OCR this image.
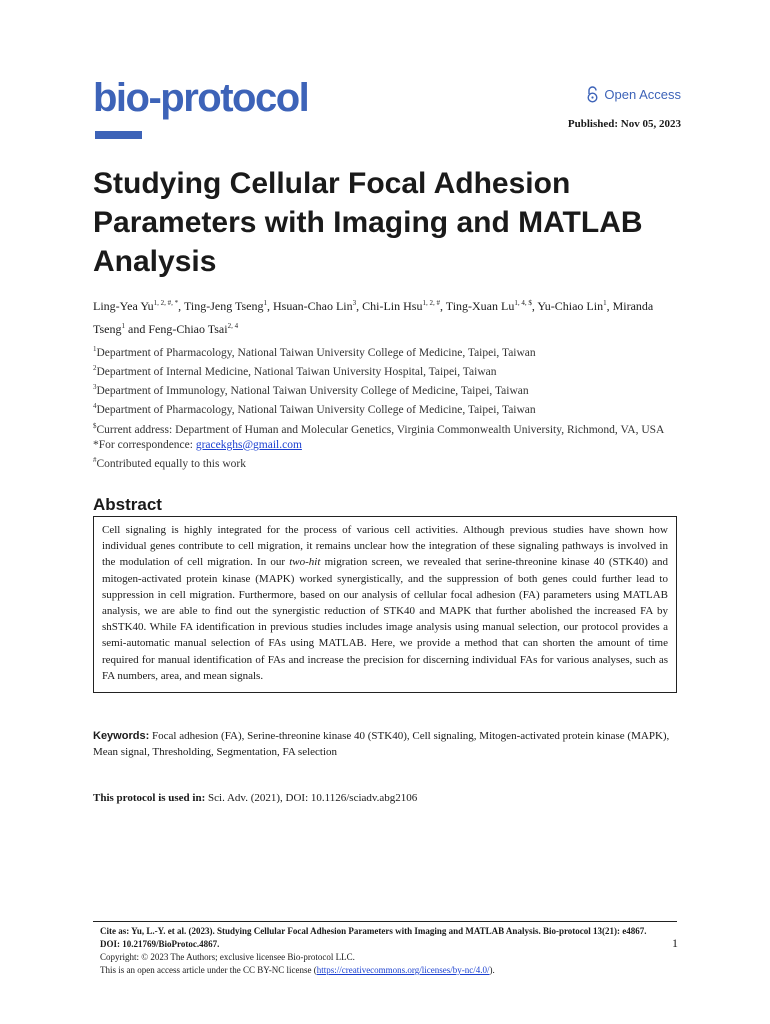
bio-protocol	Open Access
Published: Nov 05, 2023
Studying Cellular Focal Adhesion Parameters with Imaging and MATLAB Analysis
Ling-Yea $Yu^{1, 2, \#, *}$, Ting-Jeng Tseng$^1$, Hsuan-Chao Lin$^3$, Chi-Lin Hsu$^{1, 2, \#}$, Ting-Xuan $Lu^{1, 4, \$}$, Yu-Chiao Lin$^1$, Miranda Tseng$^1$ and Feng-Chiao Tsai$^{2, 4}$
$^1$Department of Pharmacology, National Taiwan University College of Medicine, Taipei, Taiwan
$^2$Department of Internal Medicine, National Taiwan University Hospital, Taipei, Taiwan
$^3$Department of Immunology, National Taiwan University College of Medicine, Taipei, Taiwan
$^4$Department of Pharmacology, National Taiwan University College of Medicine, Taipei, Taiwan
$Current address: Department of Human and Molecular Genetics, Virginia Commonwealth University, Richmond, VA, USA
*For correspondence: gracekghs@gmail.com
#Contributed equally to this work
Abstract

Cell signaling is highly integrated for the process of various cell activities. Although previous studies have shown how individual genes contribute to cell migration, it remains unclear how the integration of these signaling pathways is involved in the modulation of cell migration. In our two-hit migration screen, we revealed that serine-threonine kinase 40 (STK40) and mitogen-activated protein kinase (MAPK) worked synergistically, and the suppression of both genes could further lead to suppression in cell migration. Furthermore, based on our analysis of cellular focal adhesion (FA) parameters using MATLAB analysis, we are able to find out the synergistic reduction of STK40 and MAPK that further abolished the increased FA by shSTK40. While FA identification in previous studies includes image analysis using manual selection, our protocol provides a semi-automatic manual selection of FAs using MATLAB. Here, we provide a method that can shorten the amount of time required for manual identification of FAs and increase the precision for discerning individual FAs for various analyses, such as FA numbers, area, and mean signals.

Keywords: Focal adhesion (FA), Serine-threonine kinase 40 (STK40), Cell signaling, Mitogen-activated protein kinase (MAPK), Mean signal, Thresholding, Segmentation, FA selection
This protocol is used in: Sci. Adv. (2021), DOI: 10.1126/sciadv.abg2106
Cite as: Yu, L.-Y. et al. (2023). Studying Cellular Focal Adhesion Parameters with Imaging and MATLAB Analysis. Bio-protocol 13(21): e4867. DOI: 10.21769/BioProtoc.4867.
Copyright: © 2023 The Authors; exclusive licensee Bio-protocol LLC.
This is an open access article under the CC BY-NC license (https://creativecommons.org/licenses/by-nc/4.0/).
1
